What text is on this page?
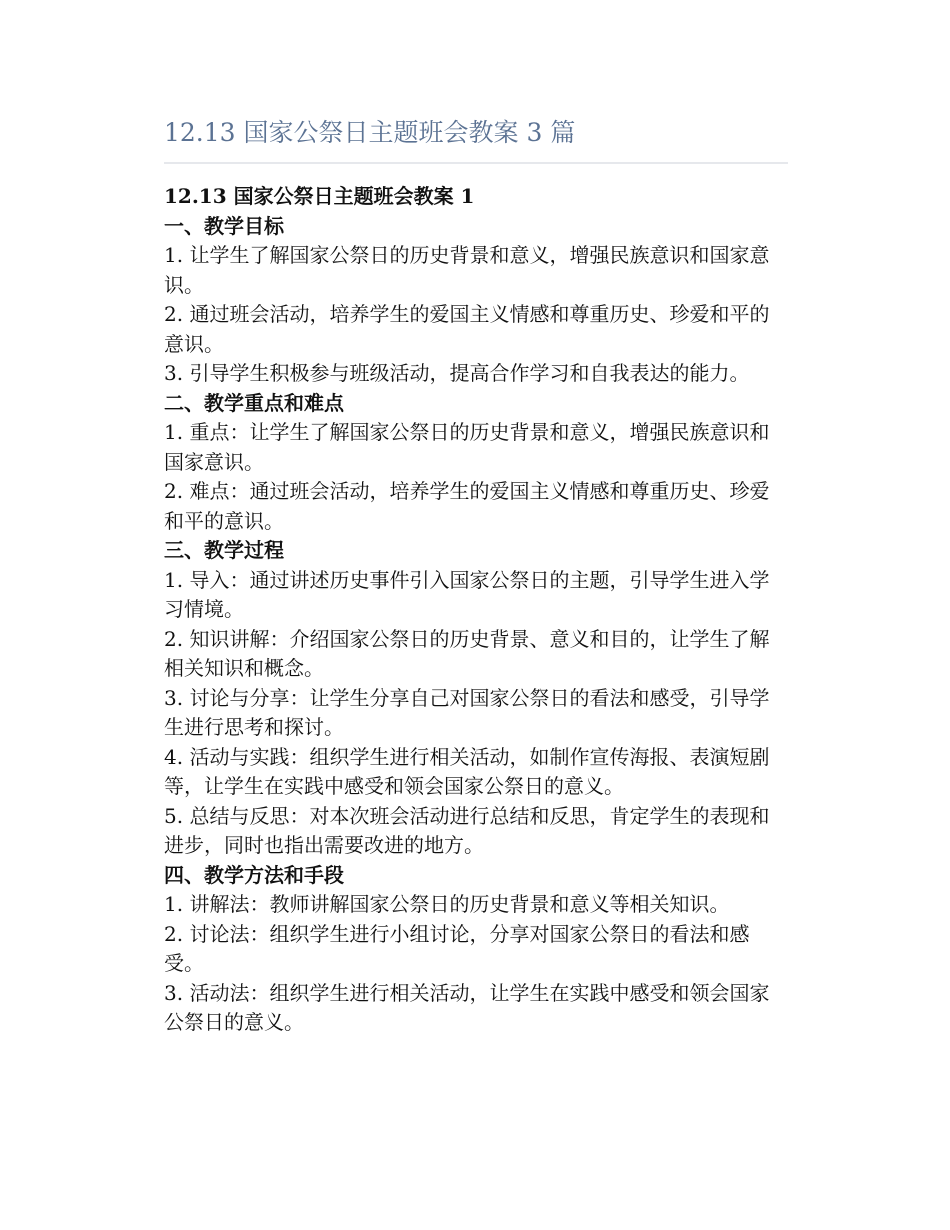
12.13 国家公祭日主题班会教案 3 篇

12.13 国家公祭日主题班会教案 1

一、教学目标

1. 让学生了解国家公祭日的历史背景和意义，增强民族意识和国家意识。

2. 通过班会活动，培养学生的爱国主义情感和尊重历史、珍爱和平的意识。

3. 引导学生积极参与班级活动，提高合作学习和自我表达的能力。

二、教学重点和难点

1. 重点：让学生了解国家公祭日的历史背景和意义，增强民族意识和国家意识。

2. 难点：通过班会活动，培养学生的爱国主义情感和尊重历史、珍爱和平的意识。

三、教学过程

1. 导入：通过讲述历史事件引入国家公祭日的主题，引导学生进入学习情境。

2. 知识讲解：介绍国家公祭日的历史背景、意义和目的，让学生了解相关知识和概念。

3. 讨论与分享：让学生分享自己对国家公祭日的看法和感受，引导学生进行思考和探讨。

4. 活动与实践：组织学生进行相关活动，如制作宣传海报、表演短剧等，让学生在实践中感受和领会国家公祭日的意义。

5. 总结与反思：对本次班会活动进行总结和反思，肯定学生的表现和进步，同时也指出需要改进的地方。

四、教学方法和手段

1. 讲解法：教师讲解国家公祭日的历史背景和意义等相关知识。

2. 讨论法：组织学生进行小组讨论，分享对国家公祭日的看法和感受。

3. 活动法：组织学生进行相关活动，让学生在实践中感受和领会国家公祭日的意义。
